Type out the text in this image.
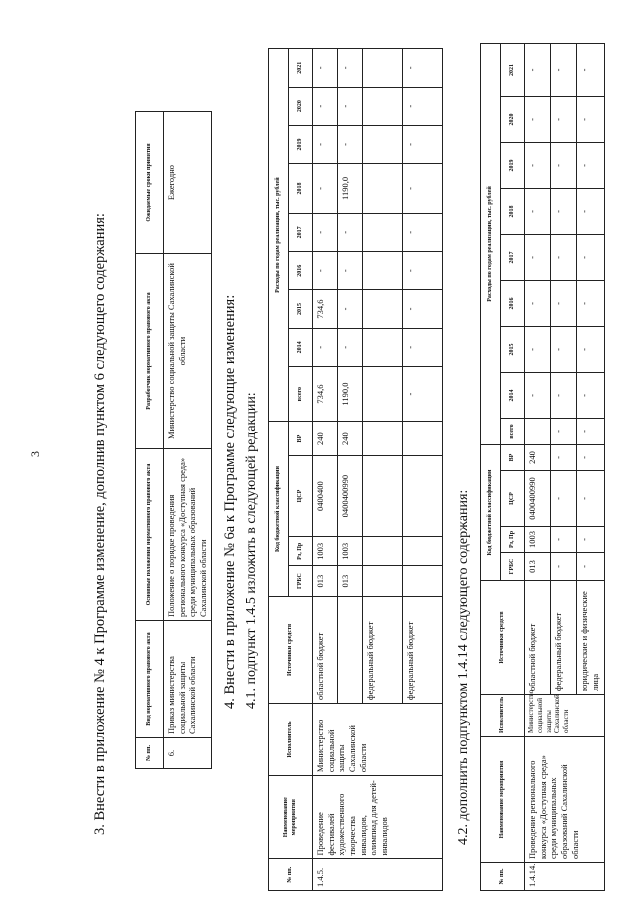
3	3. Внести в приложение № 4 к Программе изменение, дополнив пунктом 6 следующего содержания:	№ пп.	Вид нормативного правового акта	Основные положения нормативного правового акта	Разработчик нормативного правового акта	Ожидаемые сроки принятия
6.	Приказ министерства социальной защиты Сахалинской области	Положение о порядке проведения регионального конкурса «Доступная среда» среди муниципальных образований Сахалинской области	Министерство социальной защиты Сахалинской области	Ежегодно
4. Внести в приложение № 6а к Программе следующие изменения: 4.1. подпункт 1.4.5 изложить в следующей редакции:
№ пп.	Наименование мероприятия	Исполнитель	Источники средств	Код бюджетной классификации				Расходы по годам реализации, тыс. рублей								
				ГРБС	Рз, Пр	ЦСР	ВР	всего	2014	2015	2016	2017	2018	2019	2020	2021
1.4.5.	Проведение фестивалей художественного творчества инвалидов, олимпиад для детей-инвалидов	Министерство социальной защиты Сахалинской области	областной бюджет	013	1003	0400400	240	734,6	-	734,6	-	-	-	-	-	-
				013	1003	0400400990	240	1190,0	-	-	-	-	1190,0	-	-	-
			федеральный бюджет													
			федеральный бюджет					-	-	-	-	-	-	-	-	-
4.2. дополнить подпунктом 1.4.14 следующего содержания:
№ пп.	Наименование мероприятия	Исполнитель	Источники средств	Код бюджетной классификации				Расходы по годам реализации, тыс. рублей								
				ГРБС	Рз, Пр	ЦСР	ВР	всего	2014	2015	2016	2017	2018	2019	2020	2021
1.4.14.	Проведение регионального конкурса «Доступная среда» среди муниципальных образований Сахалинской области	Министерство социальной защиты Сахалинской области	областной бюджет	013	1003	0400400990	240		-	-	-	-	-	-	-	-
			федеральный бюджет	-	-	-	-	-	-	-	-	-	-	-	-	-
			юридические и физические лица	-	-	-	-	-	-	-	-	-	-	-	-	-
